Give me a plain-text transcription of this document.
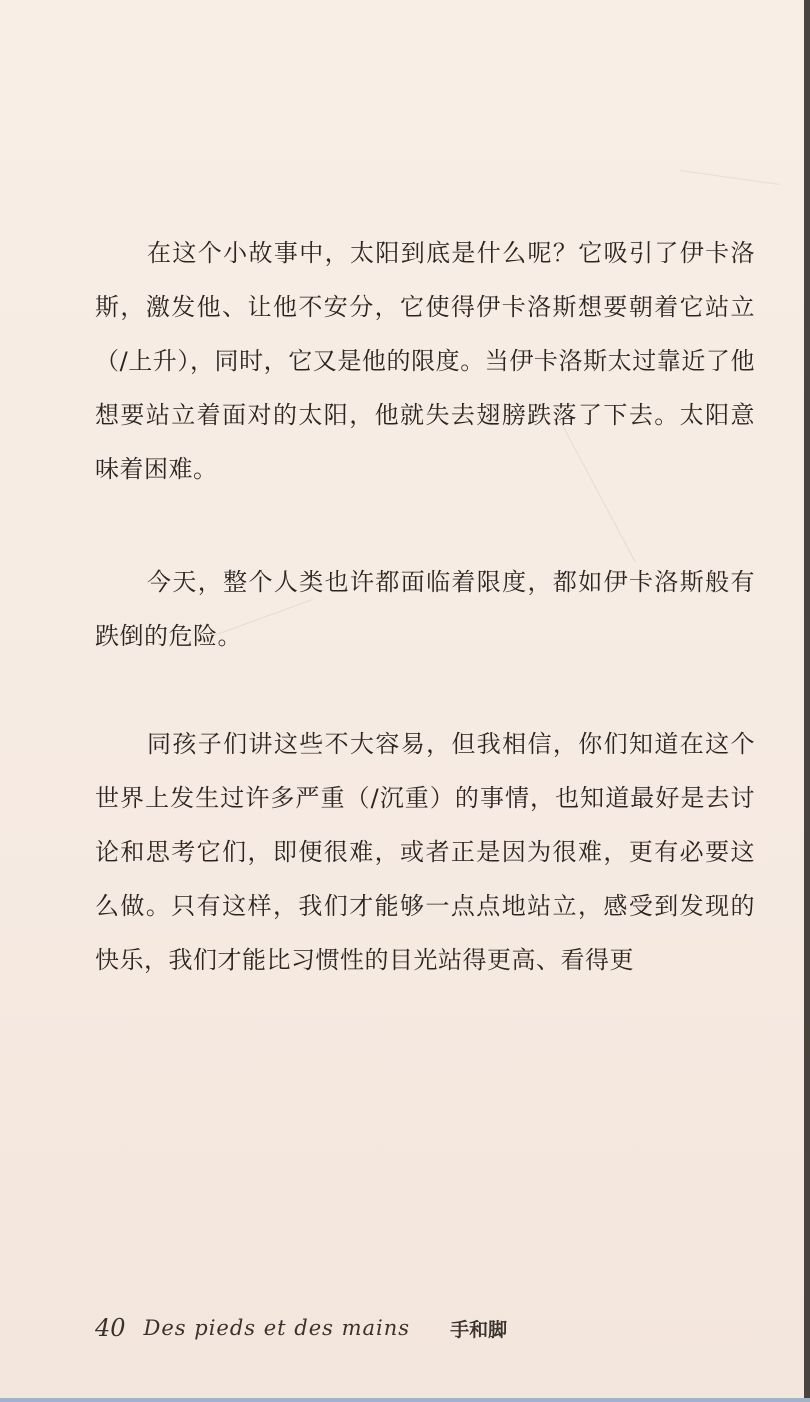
在这个小故事中，太阳到底是什么呢？它吸引了伊卡洛斯，激发他、让他不安分，它使得伊卡洛斯想要朝着它站立（/上升），同时，它又是他的限度。当伊卡洛斯太过靠近了他想要站立着面对的太阳，他就失去翅膀跌落了下去。太阳意味着困难。

今天，整个人类也许都面临着限度，都如伊卡洛斯般有跌倒的危险。

同孩子们讲这些不大容易，但我相信，你们知道在这个世界上发生过许多严重（/沉重）的事情，也知道最好是去讨论和思考它们，即便很难，或者正是因为很难，更有必要这么做。只有这样，我们才能够一点点地站立，感受到发现的快乐，我们才能比习惯性的目光站得更高、看得更

40 Des pieds et des mains 手和脚
